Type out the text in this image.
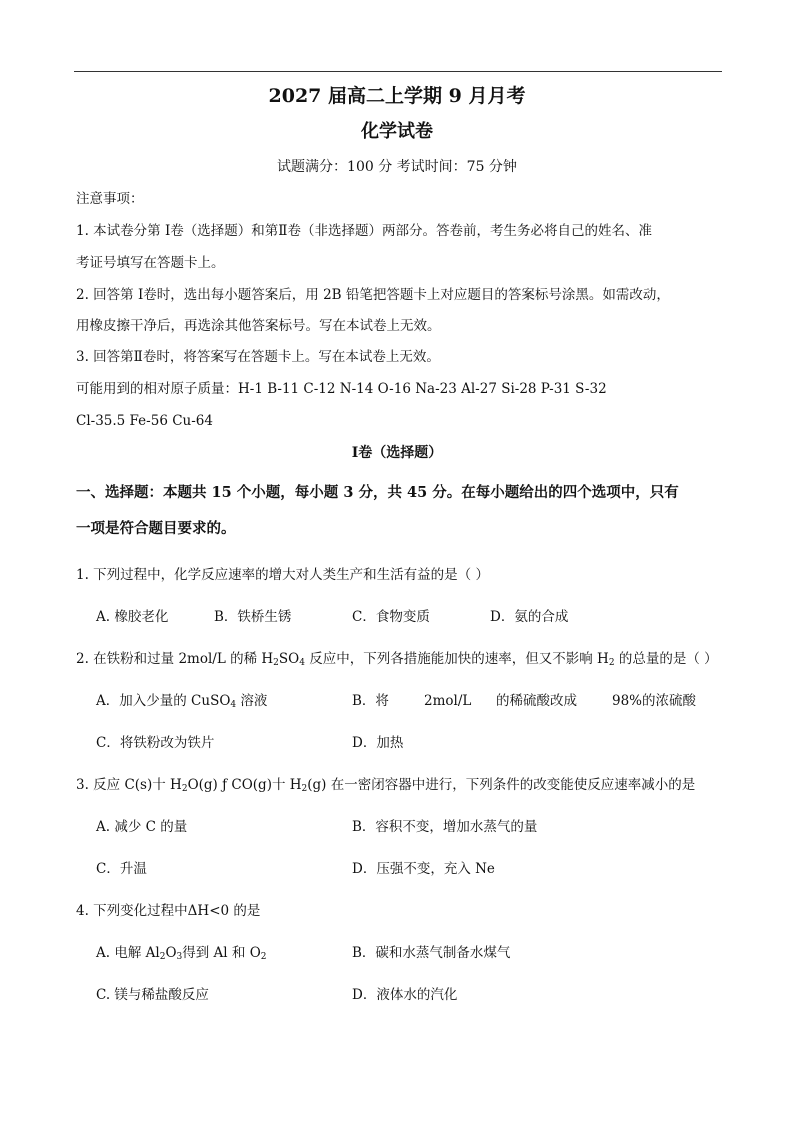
2027 届高二上学期 9 月月考
化学试卷
试题满分：100 分 考试时间：75 分钟
注意事项：
1. 本试卷分第 Ⅰ卷（选择题）和第Ⅱ卷（非选择题）两部分。答卷前，考生务必将自己的姓名、准
考证号填写在答题卡上。
2. 回答第 Ⅰ卷时，选出每小题答案后，用 2B 铅笔把答题卡上对应题目的答案标号涂黑。如需改动，
用橡皮擦干净后，再选涂其他答案标号。写在本试卷上无效。
3. 回答第Ⅱ卷时，将答案写在答题卡上。写在本试卷上无效。
可能用到的相对原子质量：H-1 B-11 C-12 N-14 O-16 Na-23 Al-27 Si-28 P-31 S-32
Cl-35.5 Fe-56 Cu-64
Ⅰ卷（选择题）
一、选择题：本题共 15 个小题，每小题 3 分，共 45 分。在每小题给出的四个选项中，只有
一项是符合题目要求的。
1. 下列过程中，化学反应速率的增大对人类生产和生活有益的是（ ）
A. 橡胶老化	B．铁桥生锈	C．食物变质	D．氨的合成
2. 在铁粉和过量 2mol/L 的稀 $H_2SO_4$ 反应中，下列各措施能加快的速率，但又不影响 $H_2$ 的总量的是（ ）
A．加入少量的 CuSO$_4$ 溶液	B．将	2mol/L 的稀硫酸改成	98%的浓硫酸
C．将铁粉改为铁片	D．加热
3. 反应 C(s)十 $H_2O(g)$ ƒ CO(g)十 $H_2(g)$ 在一密闭容器中进行，下列条件的改变能使反应速率减小的是
A. 减少 C 的量	B．容积不变，增加水蒸气的量
C．升温	D．压强不变，充入 Ne
4. 下列变化过程中ΔH<0 的是
A. 电解 $Al_2O_3$得到 Al 和 $O_2$	B．碳和水蒸气制备水煤气
C. 镁与稀盐酸反应	D．液体水的汽化
